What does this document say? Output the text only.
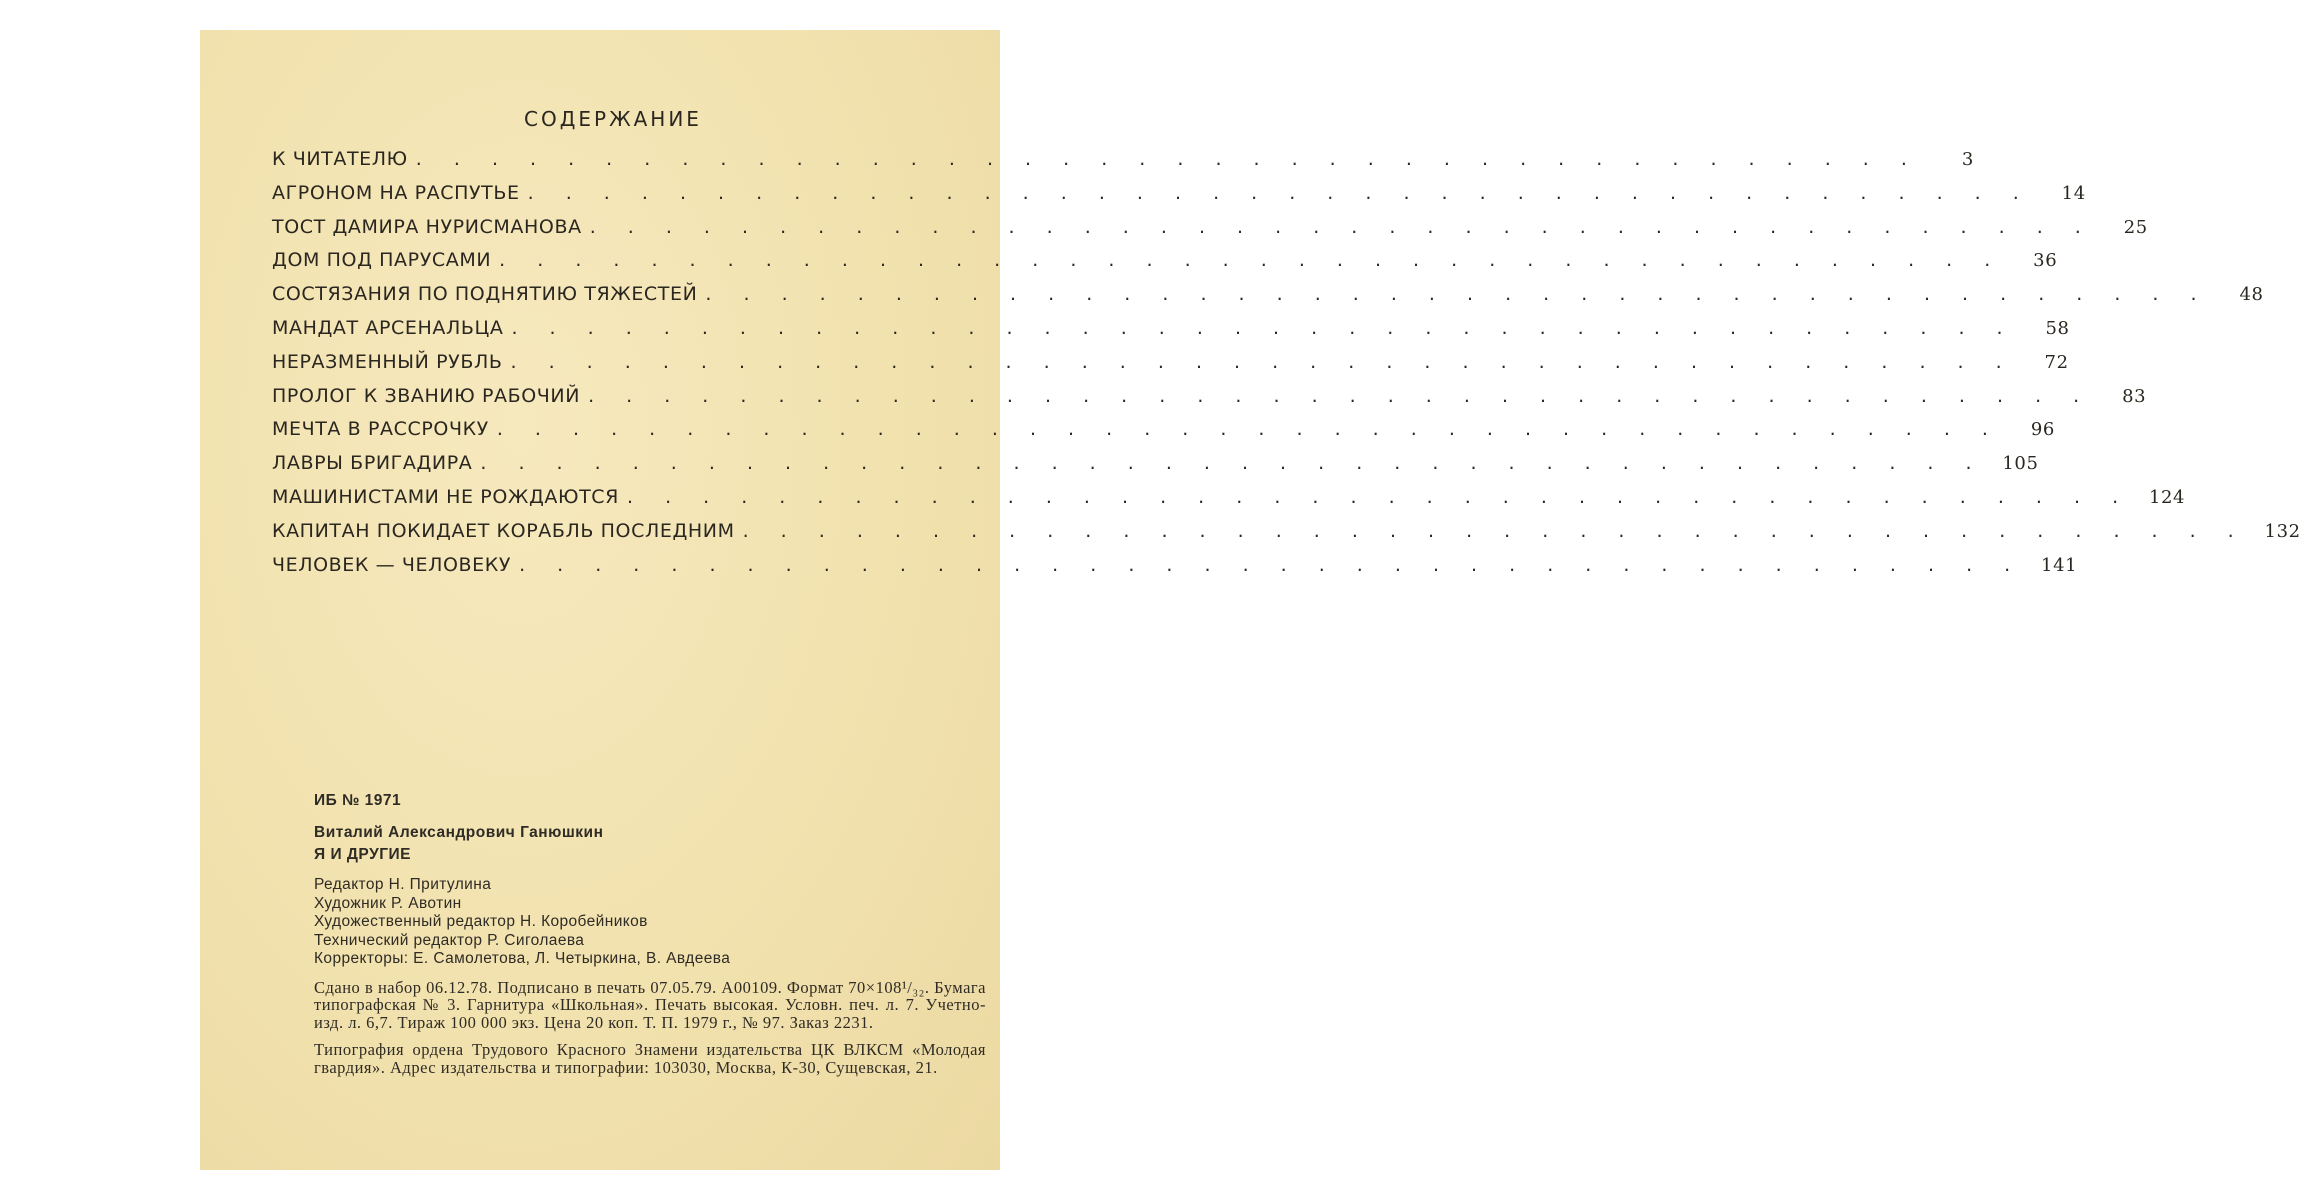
СОДЕРЖАНИЕ
К ЧИТАТЕЛЮ . . . . . . . . . . . . . . . . . . . . . . . . . . . . . . . . . . . . . . . .	3
АГРОНОМ НА РАСПУТЬЕ . . . . . . . . . . . . . . . . . . . . . . . . . . . . . . . . . . . . . . . .	14
ТОСТ ДАМИРА НУРИСМАНОВА . . . . . . . . . . . . . . . . . . . . . . . . . . . . . . . . . . . . . . . .	25
ДОМ ПОД ПАРУСАМИ . . . . . . . . . . . . . . . . . . . . . . . . . . . . . . . . . . . . . . . .	36
СОСТЯЗАНИЯ ПО ПОДНЯТИЮ ТЯЖЕСТЕЙ . . . . . . . . . . . . . . . . . . . . . . . . . . . . . . . . . . . . . . . .	48
МАНДАТ АРСЕНАЛЬЦА . . . . . . . . . . . . . . . . . . . . . . . . . . . . . . . . . . . . . . . .	58
НЕРАЗМЕННЫЙ РУБЛЬ . . . . . . . . . . . . . . . . . . . . . . . . . . . . . . . . . . . . . . . .	72
ПРОЛОГ К ЗВАНИЮ РАБОЧИЙ . . . . . . . . . . . . . . . . . . . . . . . . . . . . . . . . . . . . . . . .	83
МЕЧТА В РАССРОЧКУ . . . . . . . . . . . . . . . . . . . . . . . . . . . . . . . . . . . . . . . .	96
ЛАВРЫ БРИГАДИРА . . . . . . . . . . . . . . . . . . . . . . . . . . . . . . . . . . . . . . . . 105
МАШИНИСТАМИ НЕ РОЖДАЮТСЯ . . . . . . . . . . . . . . . . . . . . . . . . . . . . . . . . . . . . . . . . 124
КАПИТАН ПОКИДАЕТ КОРАБЛЬ ПОСЛЕДНИМ . . . . . . . . . . . . . . . . . . . . . . . . . . . . . . . . . . . . . . . . 132
ЧЕЛОВЕК — ЧЕЛОВЕКУ . . . . . . . . . . . . . . . . . . . . . . . . . . . . . . . . . . . . . . . . 141
ИБ № 1971
Виталий Александрович Ганюшкин
Я И ДРУГИЕ
Редактор Н. Притулина
Художник Р. Авотин
Художественный редактор Н. Коробейников
Технический редактор Р. Сиголаева
Корректоры: Е. Самолетова, Л. Четыркина, В. Авдеева
Сдано в набор 06.12.78. Подписано в печать 07.05.79. А00109. Формат 70×108¹/₃₂. Бумага типографская № 3. Гарнитура «Школьная». Печать высокая. Условн. печ. л. 7. Учетно-изд. л. 6,7. Тираж 100 000 экз. Цена 20 коп. Т. П. 1979 г., № 97. Заказ 2231.
Типография ордена Трудового Красного Знамени издательства ЦК ВЛКСМ «Молодая гвардия». Адрес издательства и типографии: 103030, Москва, К-30, Сущевская, 21.
